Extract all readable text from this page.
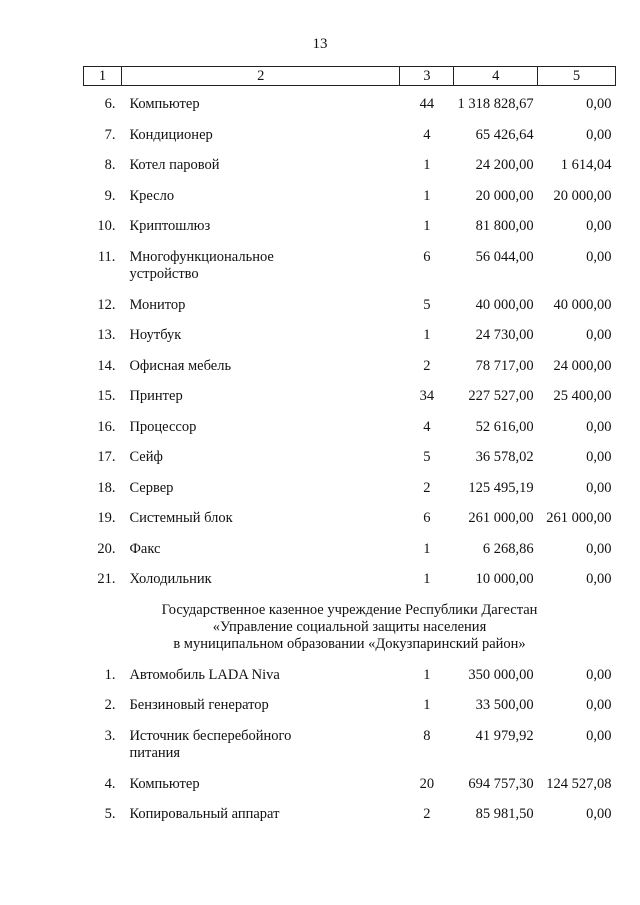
13
1	2	3	4	5
6.	Компьютер	44	1 318 828,67	0,00
7.	Кондиционер	4	65 426,64	0,00
8.	Котел паровой	1	24 200,00	1 614,04
9.	Кресло	1	20 000,00	20 000,00
10.	Криптошлюз	1	81 800,00	0,00
11.	Многофункциональное
устройство	6	56 044,00	0,00
12.	Монитор	5	40 000,00	40 000,00
13.	Ноутбук	1	24 730,00	0,00
14.	Офисная мебель	2	78 717,00	24 000,00
15.	Принтер	34	227 527,00	25 400,00
16.	Процессор	4	52 616,00	0,00
17.	Сейф	5	36 578,02	0,00
18.	Сервер	2	125 495,19	0,00
19.	Системный блок	6	261 000,00	261 000,00
20.	Факс	1	6 268,86	0,00
21.	Холодильник	1	10 000,00	0,00

Государственное казенное учреждение Республики Дагестан
«Управление социальной защиты населения
в муниципальном образовании «Докузпаринский район»				

1.	Автомобиль LADA Niva	1	350 000,00	0,00
2.	Бензиновый генератор	1	33 500,00	0,00
3.	Источник бесперебойного
питания	8	41 979,92	0,00
4.	Компьютер	20	694 757,30	124 527,08
5.	Копировальный аппарат	2	85 981,50	0,00
